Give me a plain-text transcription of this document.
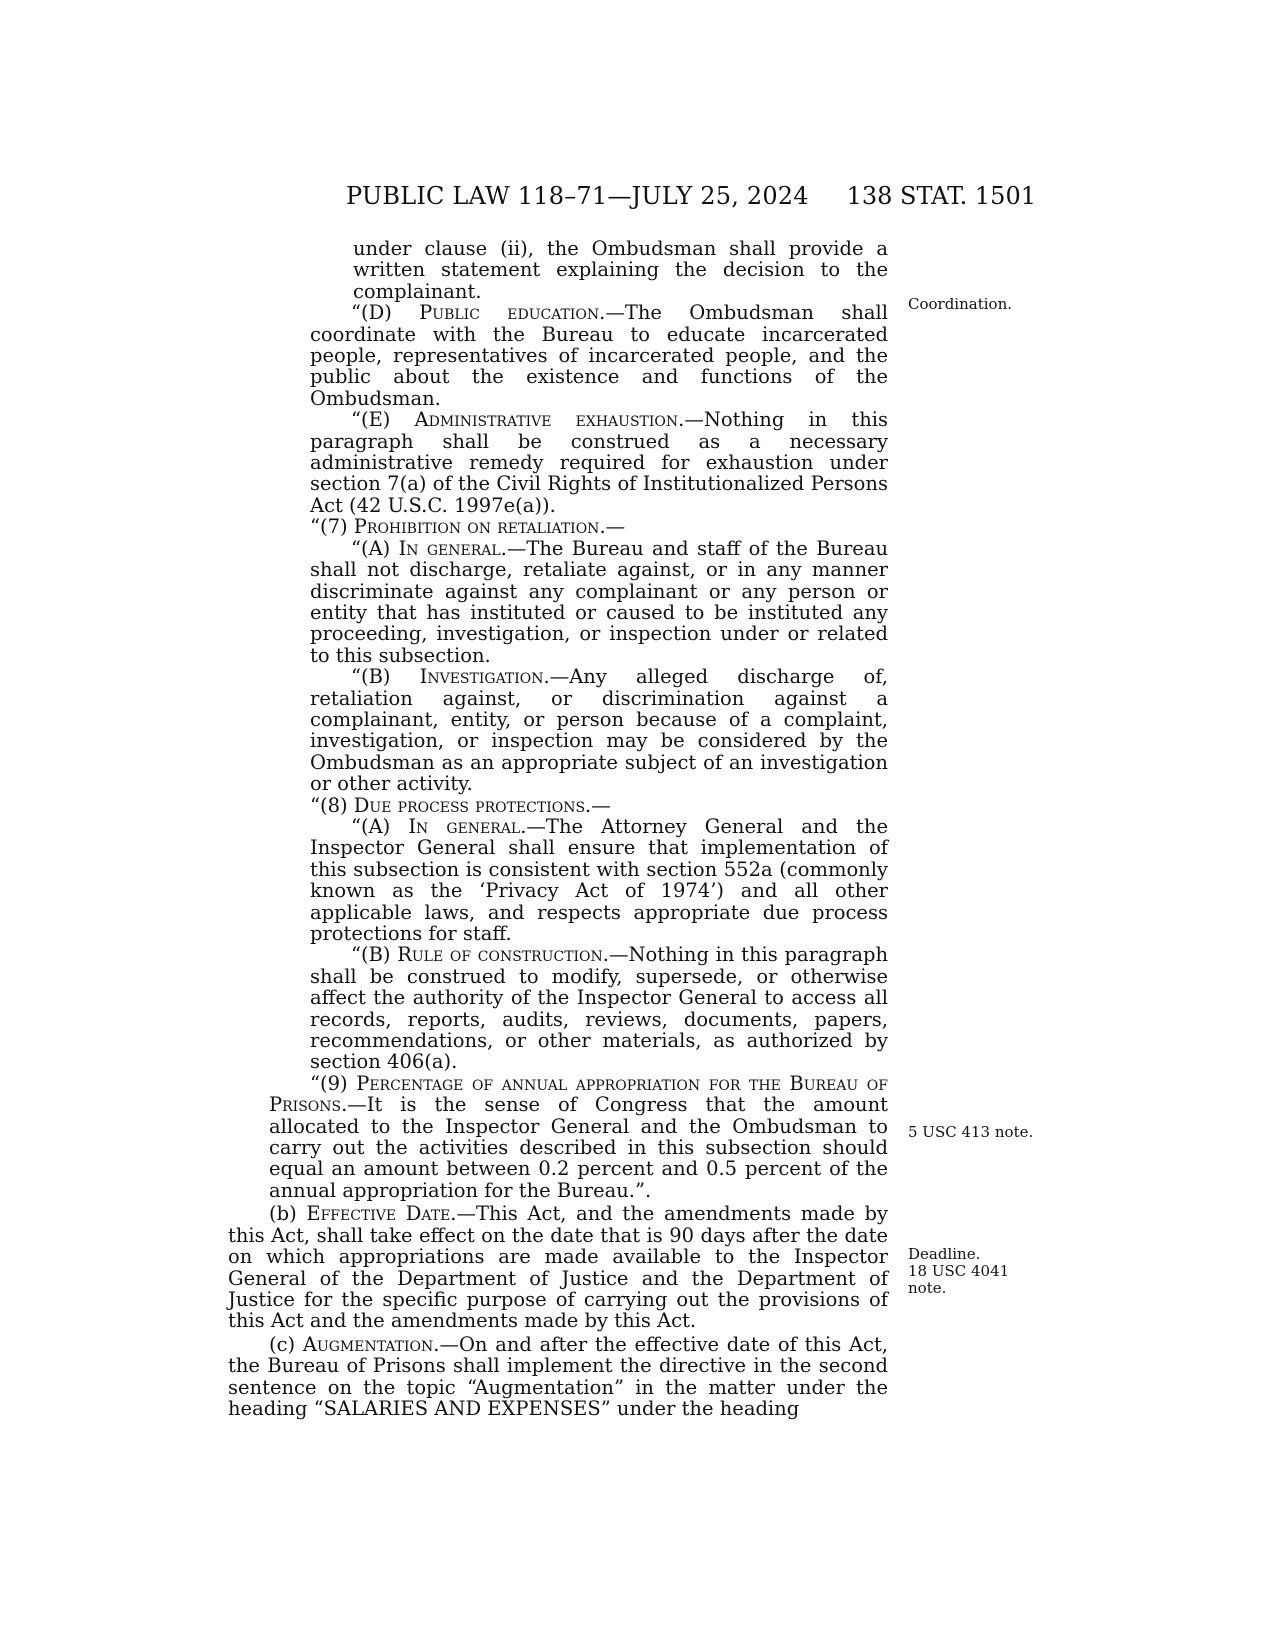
PUBLIC LAW 118–71—JULY 25, 2024 138 STAT. 1501

under clause (ii), the Ombudsman shall provide a written statement explaining the decision to the complainant.

“(D) Public education.—The Ombudsman shall coordinate with the Bureau to educate incarcerated people, representatives of incarcerated people, and the public about the existence and functions of the Ombudsman.

“(E) Administrative exhaustion.—Nothing in this paragraph shall be construed as a necessary administrative remedy required for exhaustion under section 7(a) of the Civil Rights of Institutionalized Persons Act (42 U.S.C. 1997e(a)).

“(7) Prohibition on retaliation.—

“(A) In general.—The Bureau and staff of the Bureau shall not discharge, retaliate against, or in any manner discriminate against any complainant or any person or entity that has instituted or caused to be instituted any proceeding, investigation, or inspection under or related to this subsection.

“(B) Investigation.—Any alleged discharge of, retaliation against, or discrimination against a complainant, entity, or person because of a complaint, investigation, or inspection may be considered by the Ombudsman as an appropriate subject of an investigation or other activity.

“(8) Due process protections.—

“(A) In general.—The Attorney General and the Inspector General shall ensure that implementation of this subsection is consistent with section 552a (commonly known as the ‘Privacy Act of 1974’) and all other applicable laws, and respects appropriate due process protections for staff.

“(B) Rule of construction.—Nothing in this paragraph shall be construed to modify, supersede, or otherwise affect the authority of the Inspector General to access all records, reports, audits, reviews, documents, papers, recommendations, or other materials, as authorized by section 406(a).

“(9) Percentage of annual appropriation for the Bureau of Prisons.—It is the sense of Congress that the amount allocated to the Inspector General and the Ombudsman to carry out the activities described in this subsection should equal an amount between 0.2 percent and 0.5 percent of the annual appropriation for the Bureau.”.

(b) Effective Date.—This Act, and the amendments made by this Act, shall take effect on the date that is 90 days after the date on which appropriations are made available to the Inspector General of the Department of Justice and the Department of Justice for the specific purpose of carrying out the provisions of this Act and the amendments made by this Act.

(c) Augmentation.—On and after the effective date of this Act, the Bureau of Prisons shall implement the directive in the second sentence on the topic “Augmentation” in the matter under the heading “SALARIES AND EXPENSES” under the heading

Coordination.
5 USC 413 note.
Deadline.
18 USC 4041
note.
